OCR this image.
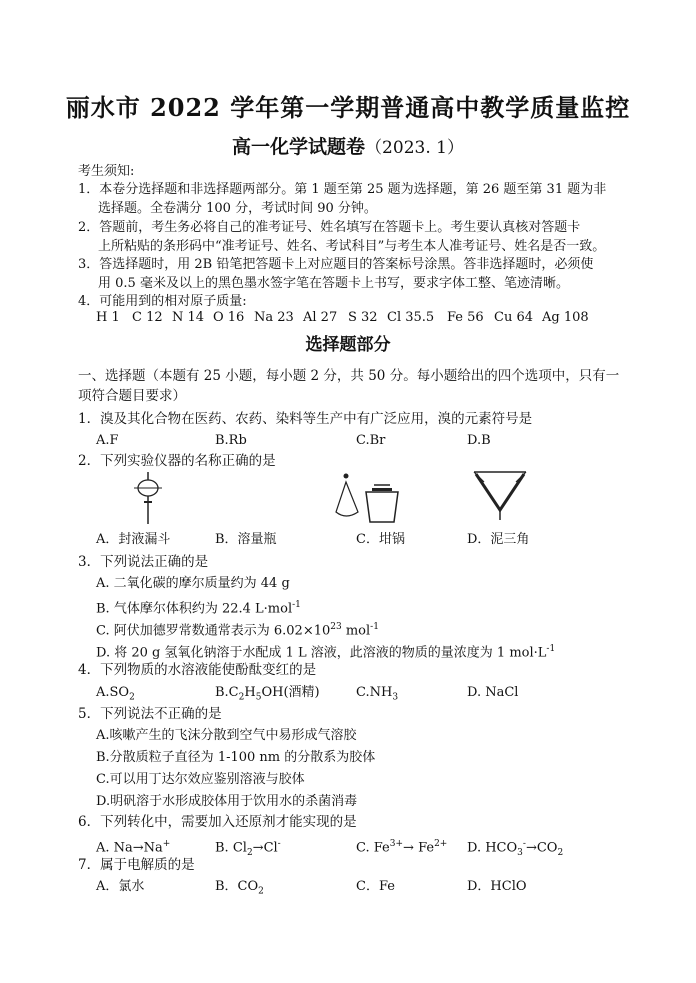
丽水市 2022 学年第一学期普通高中教学质量监控
高一化学试题卷（2023. 1）
考生须知:
1．本卷分选择题和非选择题两部分。第 1 题至第 25 题为选择题，第 26 题至第 31 题为非
选择题。全卷满分 100 分，考试时间 90 分钟。
2．答题前，考生务必将自己的准考证号、姓名填写在答题卡上。考生要认真核对答题卡
上所粘贴的条形码中“准考证号、姓名、考试科目”与考生本人准考证号、姓名是否一致。
3．答选择题时，用 2B 铅笔把答题卡上对应题目的答案标号涂黑。答非选择题时，必须使
用 0.5 毫米及以上的黑色墨水签字笔在答题卡上书写，要求字体工整、笔迹清晰。
4．可能用到的相对原子质量:
H 1 C 12 N 14 O 16 Na 23 Al 27 S 32 Cl 35.5 Fe 56 Cu 64 Ag 108
选择题部分
一、选择题（本题有 25 小题，每小题 2 分，共 50 分。每小题给出的四个选项中，只有一
项符合题目要求）
1．溴及其化合物在医药、农药、染料等生产中有广泛应用，溴的元素符号是
A.F	B.Rb	C.Br	D.B
2．下列实验仪器的名称正确的是
A．封液漏斗	B．溶量瓶	C．坩锅	D．泥三角
3．下列说法正确的是
A. 二氧化碳的摩尔质量约为 44 g
B. 气体摩尔体积约为 22.4 L·mol$^{-1}$
C. 阿伏加德罗常数通常表示为 $6.02\times 10^{23}$ mol$^{-1}$
D. 将 20 g 氢氧化钠溶于水配成 1 L 溶液，此溶液的物质的量浓度为 1 $mol\cdot L^{-1}$
4．下列物质的水溶液能使酚酞变红的是
$A.SO_2$	$B.C_2H_5OH$(酒精)	$C.NH_3$	D. NaCl
5．下列说法不正确的是
A.咳嗽产生的飞沫分散到空气中易形成气溶胶
B.分散质粒子直径为 1-100 nm 的分散系为胶体
C.可以用丁达尔效应鉴别溶液与胶体
D.明矾溶于水形成胶体用于饮用水的杀菌消毒
6．下列转化中，需要加入还原剂才能实现的是
A. Na→Na+	B. $Cl_2\to Cl^-$	C. $Fe^{3+}\to Fe^{2+}$ D. $HCO_3^-\to CO_2$
7．属于电解质的是
A．氯水	B．$CO_2$	C．Fe	D．HClO
